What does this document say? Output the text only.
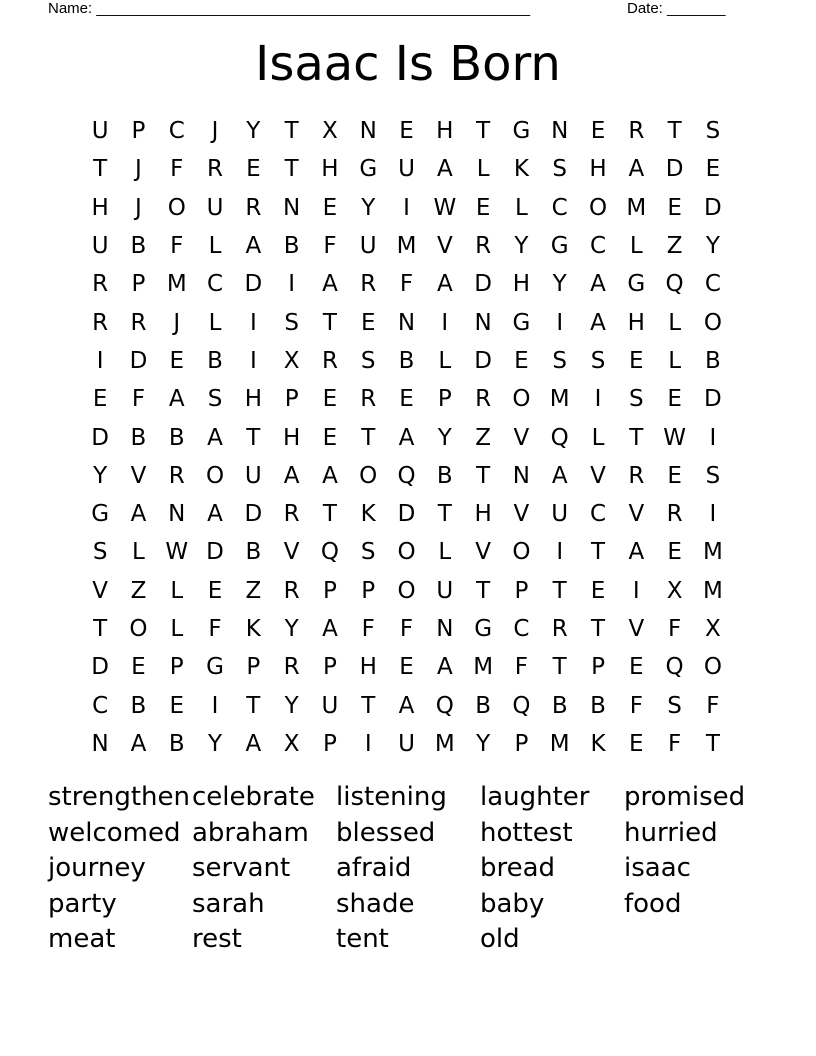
Name: ____________________________________________________	Date: _______
Isaac Is Born
U P	C	J	Y	T	X N E H T G N E	R	T	S
T	J	F	R	E	T H G U A	L	K	S H A D E
H	J	O U R N E	Y	I	W E	L	C O M E D
U B	F	L	A B	F	U M V R	Y G C	L	Z	Y
R	P M C D	I	A R	F	A D H Y	A G Q C
R R	J	L	I	S	T	E N	I	N G	I	A H	L O
I	D E	B	I	X R	S	B	L	D E	S	S	E	L	B
E	F	A	S H P	E	R	E	P	R O M	I	S	E D
D B B A	T H E	T	A	Y	Z V Q L	T W	I
Y	V R O U A A O Q B	T N A V R	E	S
G A N A D R	T	K D T H V U C V R	I
S	L W D B V Q S O L	V O	I	T	A	E M
V Z	L	E	Z R	P	P O U T	P	T	E	I	X M
T O L	F	K	Y	A	F	F	N G C R	T	V	F	X
D E	P G P	R	P H E	A M F	T	P	E Q O
C B	E	I	T	Y U T	A Q B Q B B	F	S	F
N A B	Y	A X	P	I	U M Y	P M K	E	F	T
strengthen celebrate listening	laughter	promised
welcomed abraham	blessed	hottest	hurried
journey	servant	afraid	bread	isaac
party	sarah	shade	baby	food
meat	rest	tent	old
